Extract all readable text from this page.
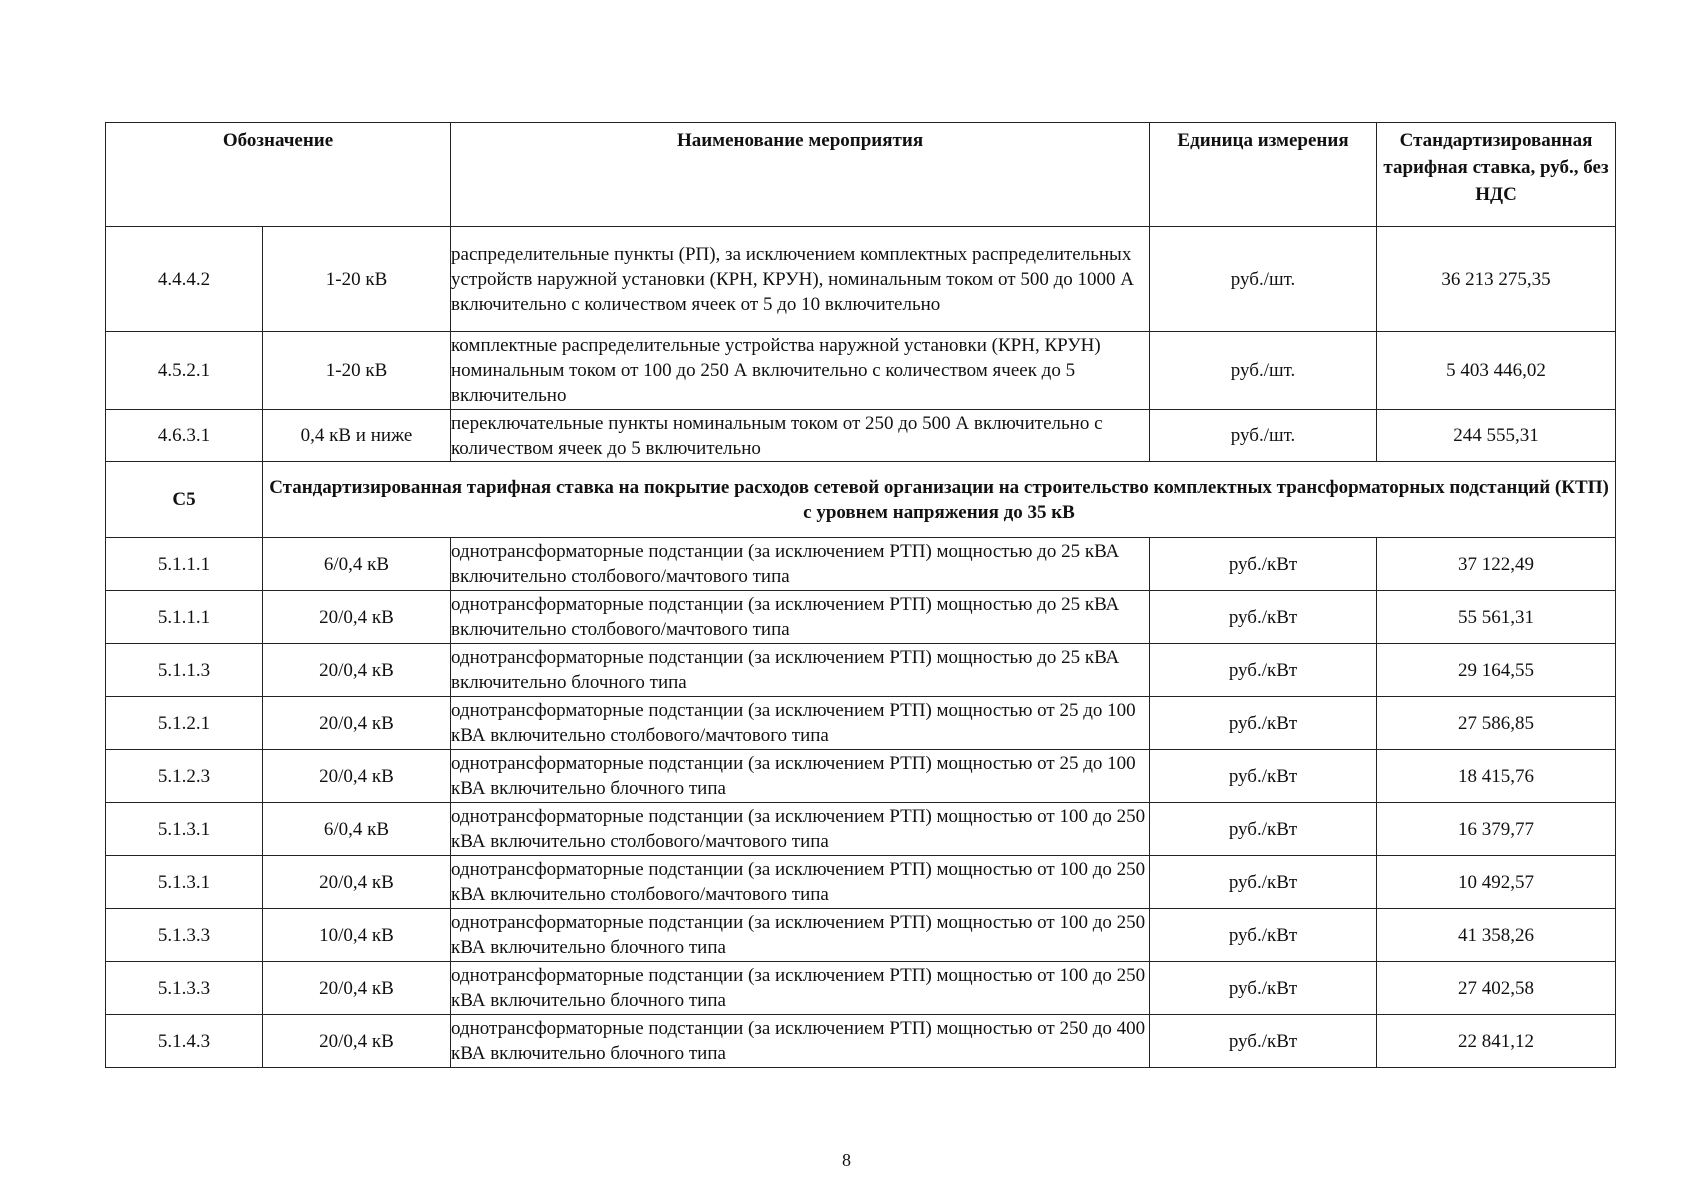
Обозначение		Наименование мероприятия	Единица измерения	Стандартизированная тарифная ставка, руб., без НДС
4.4.4.2	1-20 кВ	распределительные пункты (РП), за исключением комплектных распределительных устройств наружной установки (КРН, КРУН), номинальным током от 500 до 1000 А включительно с количеством ячеек от 5 до 10 включительно	руб./шт.	36 213 275,35
4.5.2.1	1-20 кВ	комплектные распределительные устройства наружной установки (КРН, КРУН) номинальным током от 100 до 250 А включительно с количеством ячеек до 5 включительно	руб./шт.	5 403 446,02
4.6.3.1	0,4 кВ и ниже	переключательные пункты номинальным током от 250 до 500 А включительно с количеством ячеек до 5 включительно	руб./шт.	244 555,31
С5	Стандартизированная тарифная ставка на покрытие расходов сетевой организации на строительство комплектных трансформаторных подстанций (КТП) с уровнем напряжения до 35 кВ			
5.1.1.1	6/0,4 кВ	однотрансформаторные подстанции (за исключением РТП) мощностью до 25 кВА включительно столбового/мачтового типа	руб./кВт	37 122,49
5.1.1.1	20/0,4 кВ	однотрансформаторные подстанции (за исключением РТП) мощностью до 25 кВА включительно столбового/мачтового типа	руб./кВт	55 561,31
5.1.1.3	20/0,4 кВ	однотрансформаторные подстанции (за исключением РТП) мощностью до 25 кВА включительно блочного типа	руб./кВт	29 164,55
5.1.2.1	20/0,4 кВ	однотрансформаторные подстанции (за исключением РТП) мощностью от 25 до 100 кВА включительно столбового/мачтового типа	руб./кВт	27 586,85
5.1.2.3	20/0,4 кВ	однотрансформаторные подстанции (за исключением РТП) мощностью от 25 до 100 кВА включительно блочного типа	руб./кВт	18 415,76
5.1.3.1	6/0,4 кВ	однотрансформаторные подстанции (за исключением РТП) мощностью от 100 до 250 кВА включительно столбового/мачтового типа	руб./кВт	16 379,77
5.1.3.1	20/0,4 кВ	однотрансформаторные подстанции (за исключением РТП) мощностью от 100 до 250 кВА включительно столбового/мачтового типа	руб./кВт	10 492,57
5.1.3.3	10/0,4 кВ	однотрансформаторные подстанции (за исключением РТП) мощностью от 100 до 250 кВА включительно блочного типа	руб./кВт	41 358,26
5.1.3.3	20/0,4 кВ	однотрансформаторные подстанции (за исключением РТП) мощностью от 100 до 250 кВА включительно блочного типа	руб./кВт	27 402,58
5.1.4.3	20/0,4 кВ	однотрансформаторные подстанции (за исключением РТП) мощностью от 250 до 400 кВА включительно блочного типа	руб./кВт	22 841,12
8
